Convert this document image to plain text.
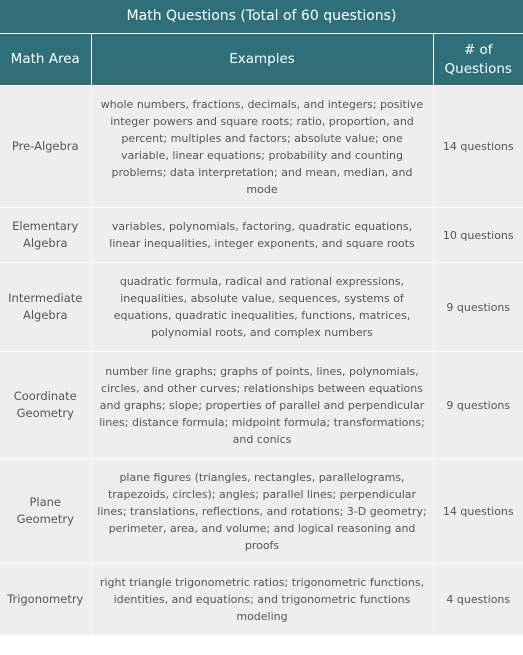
Math Questions (Total of 60 questions)
Math Area	Examples	# of Questions
Pre-Algebra	whole numbers, fractions, decimals, and integers; positive integer powers and square roots; ratio, proportion, and percent; multiples and factors; absolute value; one variable, linear equations; probability and counting problems; data interpretation; and mean, median, and mode	14 questions
Elementary Algebra	variables, polynomials, factoring, quadratic equations, linear inequalities, integer exponents, and square roots	10 questions
Intermediate Algebra	quadratic formula, radical and rational expressions, inequalities, absolute value, sequences, systems of equations, quadratic inequalities, functions, matrices, polynomial roots, and complex numbers	9 questions
Coordinate Geometry	number line graphs; graphs of points, lines, polynomials, circles, and other curves; relationships between equations and graphs; slope; properties of parallel and perpendicular lines; distance formula; midpoint formula; transformations; and conics	9 questions
Plane Geometry	plane figures (triangles, rectangles, parallelograms, trapezoids, circles); angles; parallel lines; perpendicular lines; translations, reflections, and rotations; 3-D geometry; perimeter, area, and volume; and logical reasoning and proofs	14 questions
Trigonometry	right triangle trigonometric ratios; trigonometric functions, identities, and equations; and trigonometric functions modeling	4 questions
